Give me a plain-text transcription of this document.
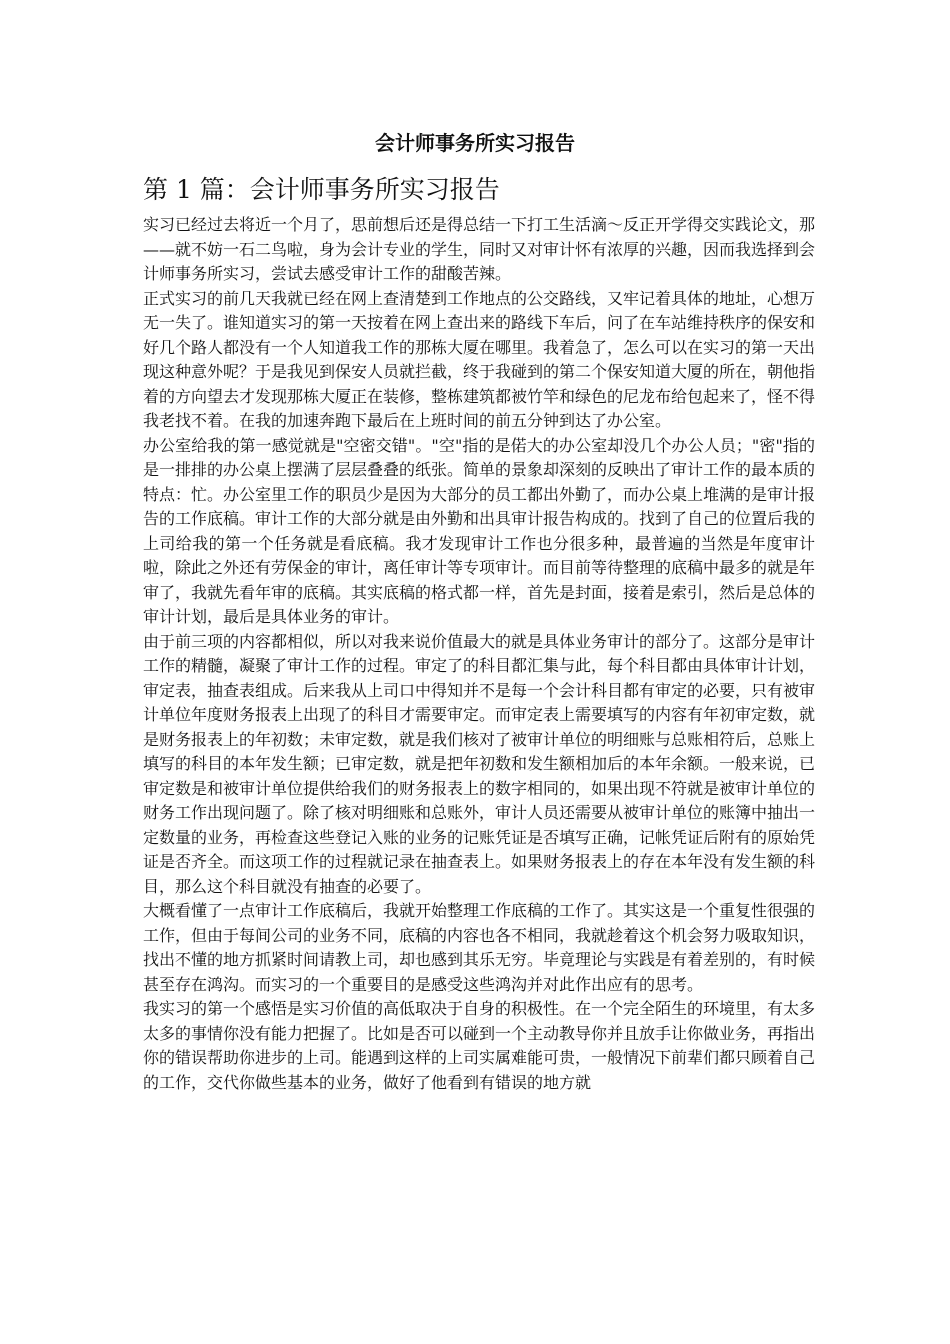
会计师事务所实习报告
第 1 篇：会计师事务所实习报告

实习已经过去将近一个月了，思前想后还是得总结一下打工生活滴～反正开学得交实践论文，那——就不妨一石二鸟啦，身为会计专业的学生，同时又对审计怀有浓厚的兴趣，因而我选择到会计师事务所实习，尝试去感受审计工作的甜酸苦辣。

正式实习的前几天我就已经在网上查清楚到工作地点的公交路线，又牢记着具体的地址，心想万无一失了。谁知道实习的第一天按着在网上查出来的路线下车后，问了在车站维持秩序的保安和好几个路人都没有一个人知道我工作的那栋大厦在哪里。我着急了，怎么可以在实习的第一天出现这种意外呢？于是我见到保安人员就拦截，终于我碰到的第二个保安知道大厦的所在，朝他指着的方向望去才发现那栋大厦正在装修，整栋建筑都被竹竿和绿色的尼龙布给包起来了，怪不得我老找不着。在我的加速奔跑下最后在上班时间的前五分钟到达了办公室。

办公室给我的第一感觉就是"空密交错"。"空"指的是偌大的办公室却没几个办公人员；"密"指的是一排排的办公桌上摆满了层层叠叠的纸张。简单的景象却深刻的反映出了审计工作的最本质的特点：忙。办公室里工作的职员少是因为大部分的员工都出外勤了，而办公桌上堆满的是审计报告的工作底稿。审计工作的大部分就是由外勤和出具审计报告构成的。找到了自己的位置后我的上司给我的第一个任务就是看底稿。我才发现审计工作也分很多种，最普遍的当然是年度审计啦，除此之外还有劳保金的审计，离任审计等专项审计。而目前等待整理的底稿中最多的就是年审了，我就先看年审的底稿。其实底稿的格式都一样，首先是封面，接着是索引，然后是总体的审计计划，最后是具体业务的审计。

由于前三项的内容都相似，所以对我来说价值最大的就是具体业务审计的部分了。这部分是审计工作的精髓，凝聚了审计工作的过程。审定了的科目都汇集与此，每个科目都由具体审计计划，审定表，抽查表组成。后来我从上司口中得知并不是每一个会计科目都有审定的必要，只有被审计单位年度财务报表上出现了的科目才需要审定。而审定表上需要填写的内容有年初审定数，就是财务报表上的年初数；未审定数，就是我们核对了被审计单位的明细账与总账相符后，总账上填写的科目的本年发生额；已审定数，就是把年初数和发生额相加后的本年余额。一般来说，已审定数是和被审计单位提供给我们的财务报表上的数字相同的，如果出现不符就是被审计单位的财务工作出现问题了。除了核对明细账和总账外，审计人员还需要从被审计单位的账簿中抽出一定数量的业务，再检查这些登记入账的业务的记账凭证是否填写正确，记帐凭证后附有的原始凭证是否齐全。而这项工作的过程就记录在抽查表上。如果财务报表上的存在本年没有发生额的科目，那么这个科目就没有抽查的必要了。

大概看懂了一点审计工作底稿后，我就开始整理工作底稿的工作了。其实这是一个重复性很强的工作，但由于每间公司的业务不同，底稿的内容也各不相同，我就趁着这个机会努力吸取知识，找出不懂的地方抓紧时间请教上司，却也感到其乐无穷。毕竟理论与实践是有着差别的，有时候甚至存在鸿沟。而实习的一个重要目的是感受这些鸿沟并对此作出应有的思考。

我实习的第一个感悟是实习价值的高低取决于自身的积极性。在一个完全陌生的环境里，有太多太多的事情你没有能力把握了。比如是否可以碰到一个主动教导你并且放手让你做业务，再指出你的错误帮助你进步的上司。能遇到这样的上司实属难能可贵，一般情况下前辈们都只顾着自己的工作，交代你做些基本的业务，做好了他看到有错误的地方就
